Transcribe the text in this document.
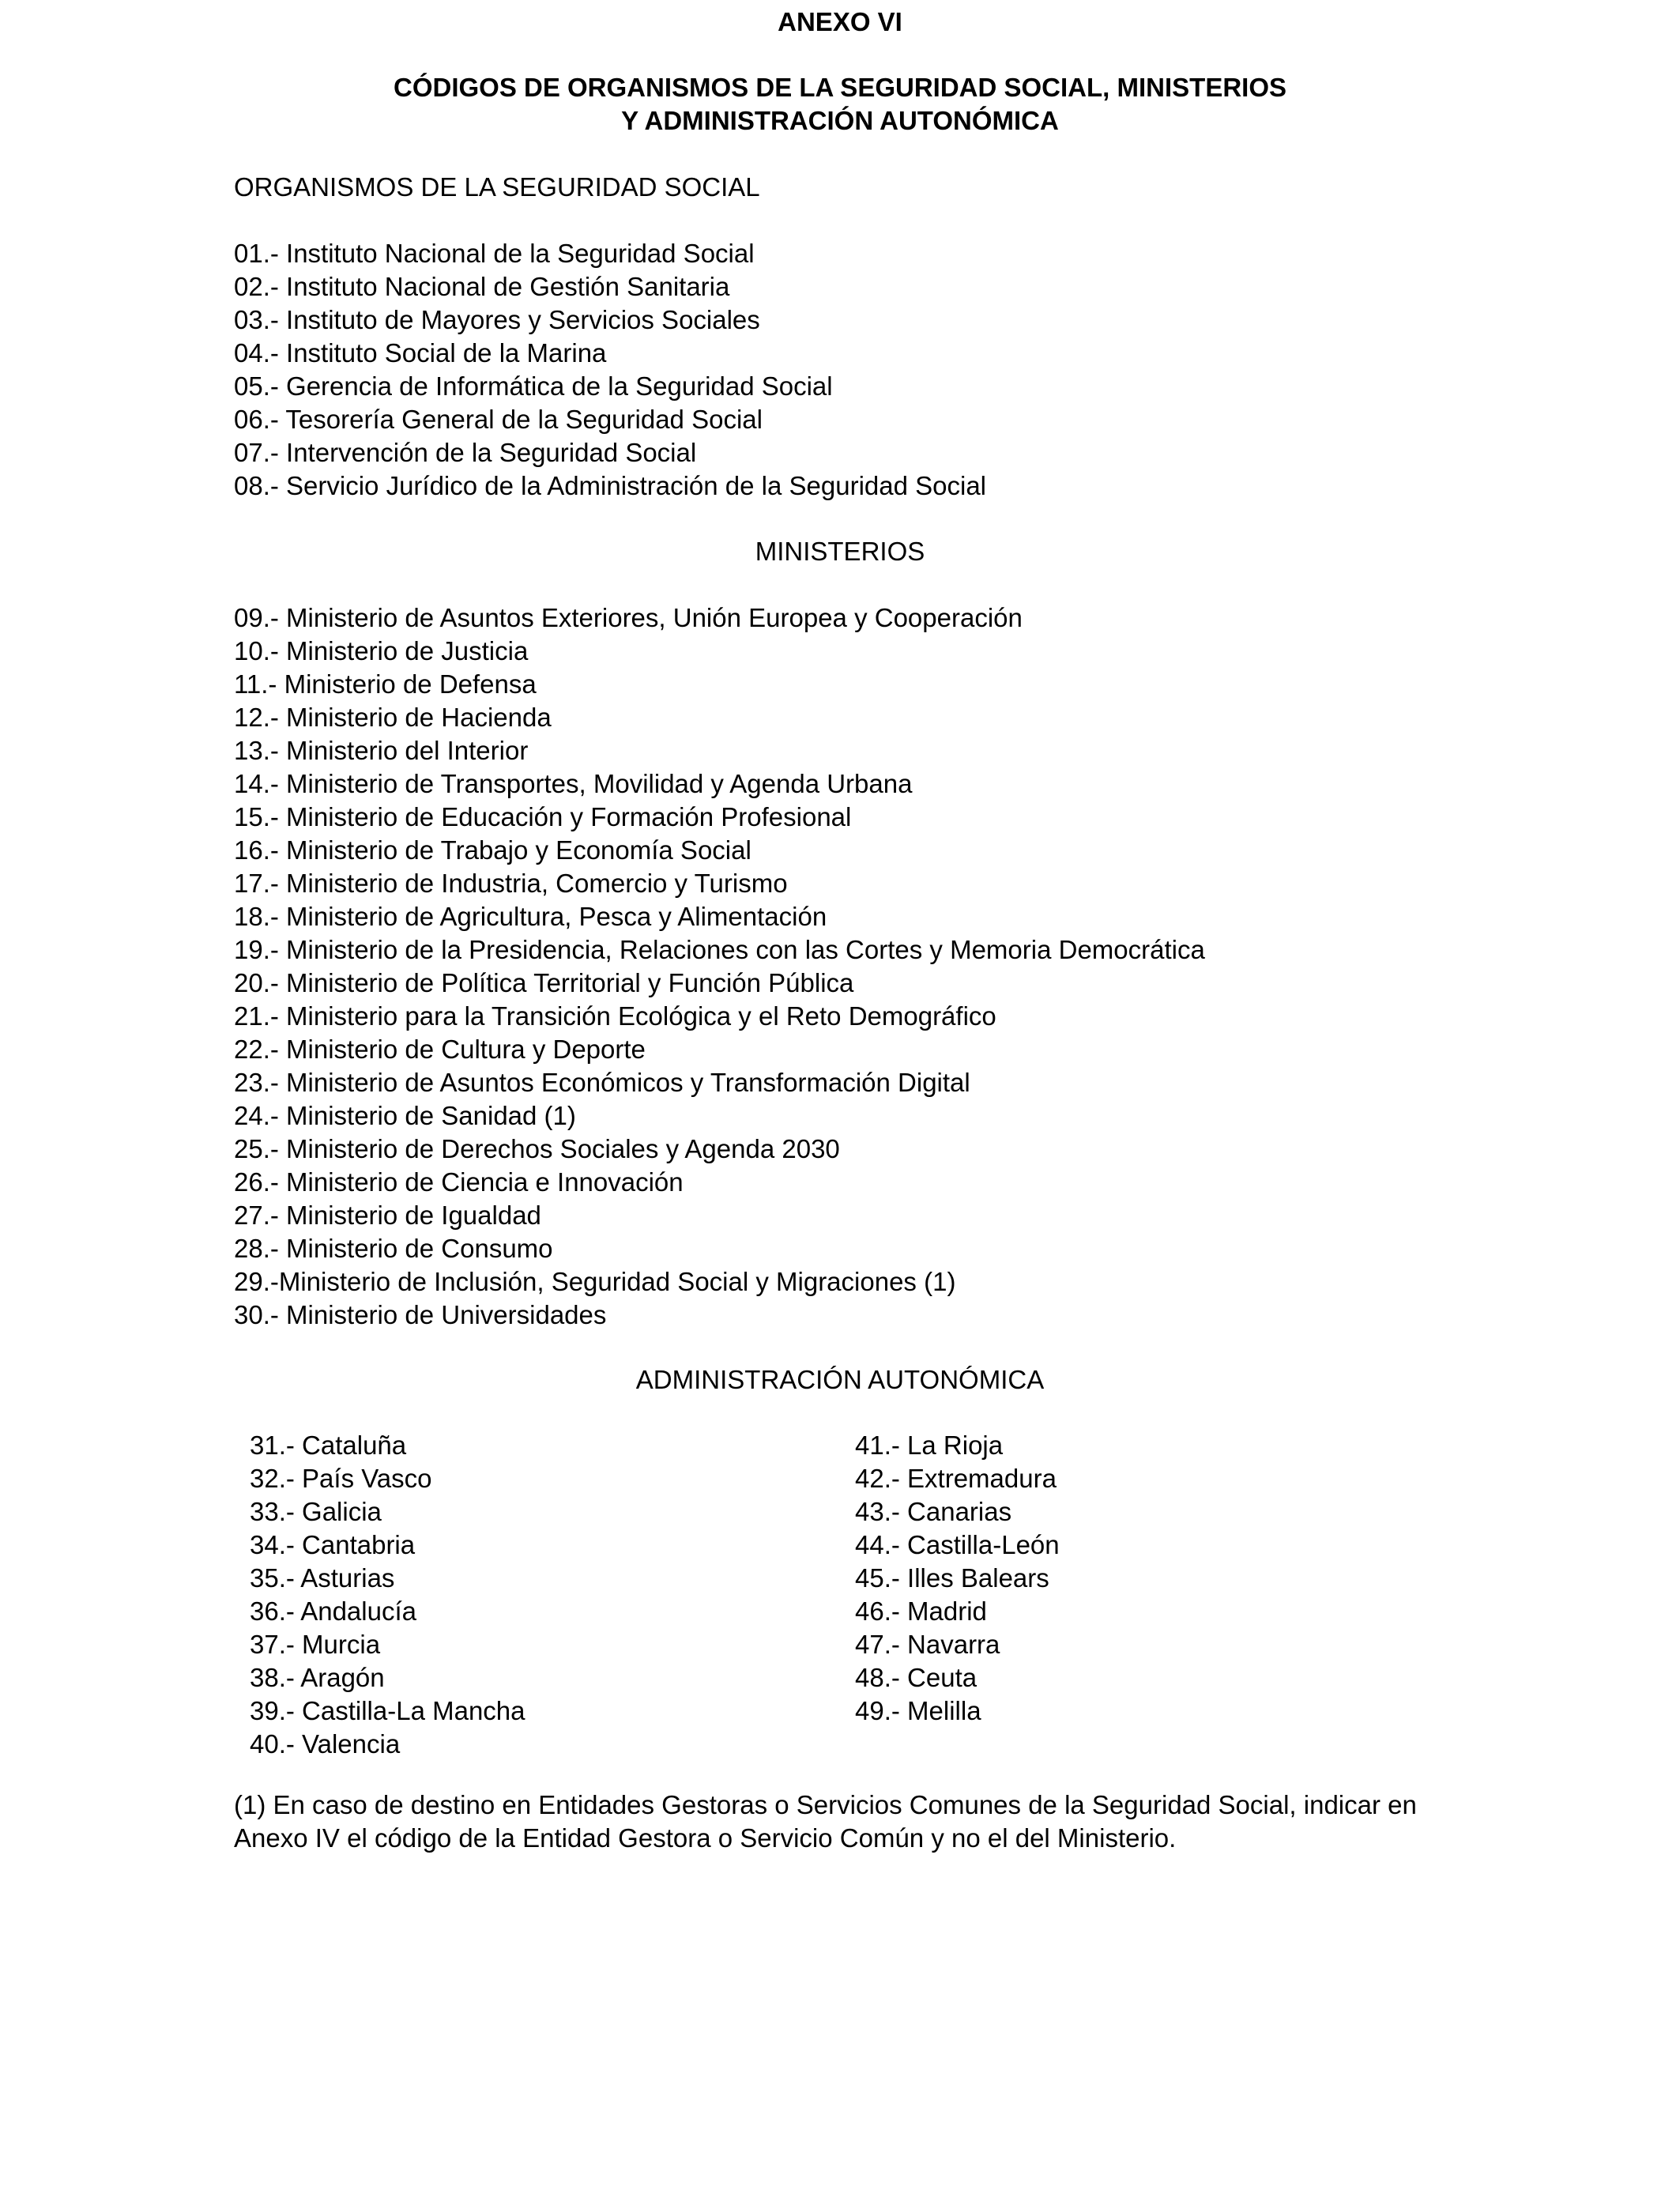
ANEXO VI
CÓDIGOS DE ORGANISMOS DE LA SEGURIDAD SOCIAL, MINISTERIOS
Y ADMINISTRACIÓN AUTONÓMICA
ORGANISMOS DE LA SEGURIDAD SOCIAL
01.- Instituto Nacional de la Seguridad Social
02.- Instituto Nacional de Gestión Sanitaria
03.- Instituto de Mayores y Servicios Sociales
04.- Instituto Social de la Marina
05.- Gerencia de Informática de la Seguridad Social
06.- Tesorería General de la Seguridad Social
07.- Intervención de la Seguridad Social
08.- Servicio Jurídico de la Administración de la Seguridad Social
MINISTERIOS
09.- Ministerio de Asuntos Exteriores, Unión Europea y Cooperación
10.- Ministerio de Justicia
11.- Ministerio de Defensa
12.- Ministerio de Hacienda
13.- Ministerio del Interior
14.- Ministerio de Transportes, Movilidad y Agenda Urbana
15.- Ministerio de Educación y Formación Profesional
16.- Ministerio de Trabajo y Economía Social
17.- Ministerio de Industria, Comercio y Turismo
18.- Ministerio de Agricultura, Pesca y Alimentación
19.- Ministerio de la Presidencia, Relaciones con las Cortes y Memoria Democrática
20.- Ministerio de Política Territorial y Función Pública
21.- Ministerio para la Transición Ecológica y el Reto Demográfico
22.- Ministerio de Cultura y Deporte
23.- Ministerio de Asuntos Económicos y Transformación Digital
24.- Ministerio de Sanidad (1)
25.- Ministerio de Derechos Sociales y Agenda 2030
26.- Ministerio de Ciencia e Innovación
27.- Ministerio de Igualdad
28.- Ministerio de Consumo
29.-Ministerio de Inclusión, Seguridad Social y Migraciones (1)
30.- Ministerio de Universidades
ADMINISTRACIÓN AUTONÓMICA
31.- Cataluña
32.- País Vasco
33.- Galicia
34.- Cantabria
35.- Asturias
36.- Andalucía
37.- Murcia
38.- Aragón
39.- Castilla-La Mancha
40.- Valencia
41.- La Rioja
42.- Extremadura
43.- Canarias
44.- Castilla-León
45.- Illes Balears
46.- Madrid
47.- Navarra
48.- Ceuta
49.- Melilla
(1) En caso de destino en Entidades Gestoras o Servicios Comunes de la Seguridad Social, indicar en Anexo IV el código de la Entidad Gestora o Servicio Común y no el del Ministerio.
